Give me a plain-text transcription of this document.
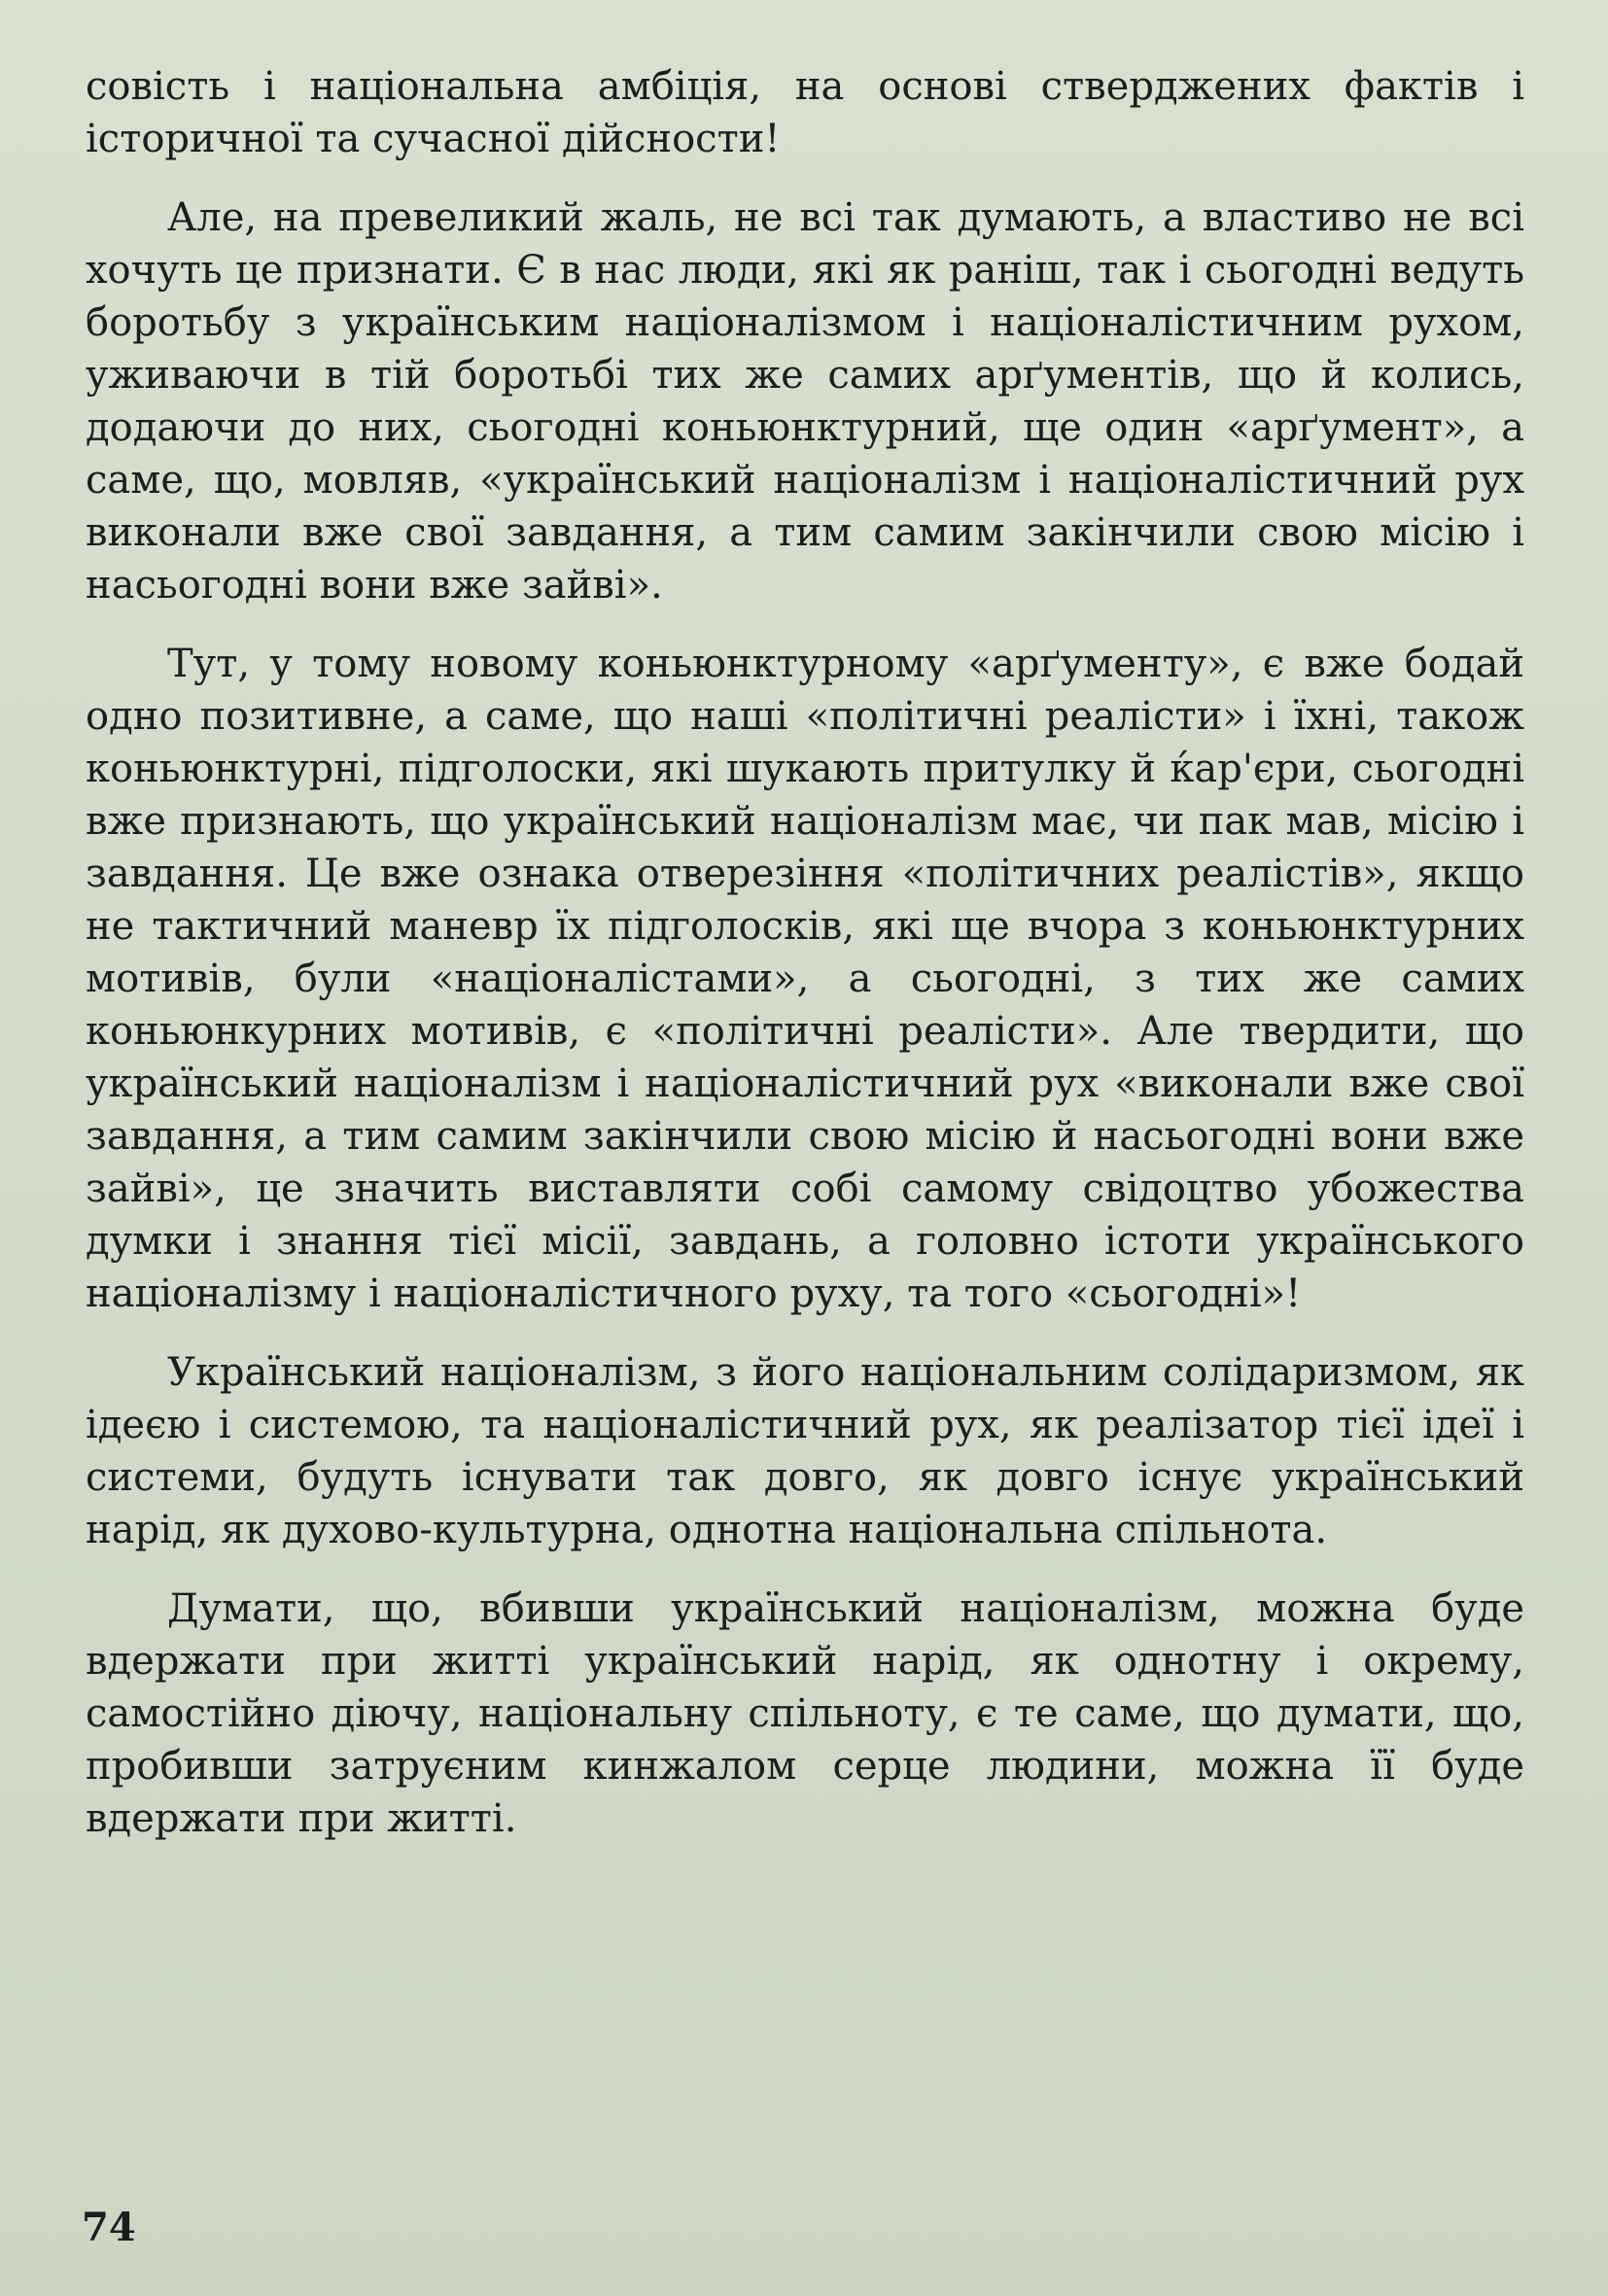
совість і національна амбіція, на основі стверджених фактів і історичної та сучасної дійсности!

Але, на превеликий жаль, не всі так думають, а властиво не всі хочуть це признати. Є в нас люди, які як раніш, так і сьогодні ведуть боротьбу з українським націоналізмом і націоналістичним рухом, уживаючи в тій боротьбі тих же самих арґументів, що й колись, додаючи до них, сьогодні коньюнктурний, ще один «арґумент», а саме, що, мовляв, «український націоналізм і націоналістичний рух виконали вже свої завдання, а тим самим закінчили свою місію і насьогодні вони вже зайві».

Тут, у тому новому коньюнктурному «арґументу», є вже бодай одно позитивне, а саме, що наші «політичні реалісти» і їхні, також коньюнктурні, підголоски, які шукають притулку й ќар'єри, сьогодні вже признають, що український націоналізм має, чи пак мав, місію і завдання. Це вже ознака отверезіння «політичних реалістів», якщо не тактичний маневр їх підголосків, які ще вчора з коньюнктурних мотивів, були «націоналістами», а сьогодні, з тих же самих коньюнкурних мотивів, є «політичні реалісти». Але твердити, що український націоналізм і націоналістичний рух «виконали вже свої завдання, а тим самим закінчили свою місію й насьогодні вони вже зайві», це значить виставляти собі самому свідоцтво убожества думки і знання тієї місії, завдань, а головно істоти українського націоналізму і націоналістичного руху, та того «сьогодні»!

Український націоналізм, з його національним солідаризмом, як ідеєю і системою, та націоналістичний рух, як реалізатор тієї ідеї і системи, будуть існувати так довго, як довго існує український нарід, як духово-культурна, однотна національна спільнота.

Думати, що, вбивши український націоналізм, можна буде вдержати при житті український нарід, як однотну і окрему, самостійно діючу, національну спільноту, є те саме, що думати, що, пробивши затруєним кинжалом серце людини, можна її буде вдержати при житті.

74
